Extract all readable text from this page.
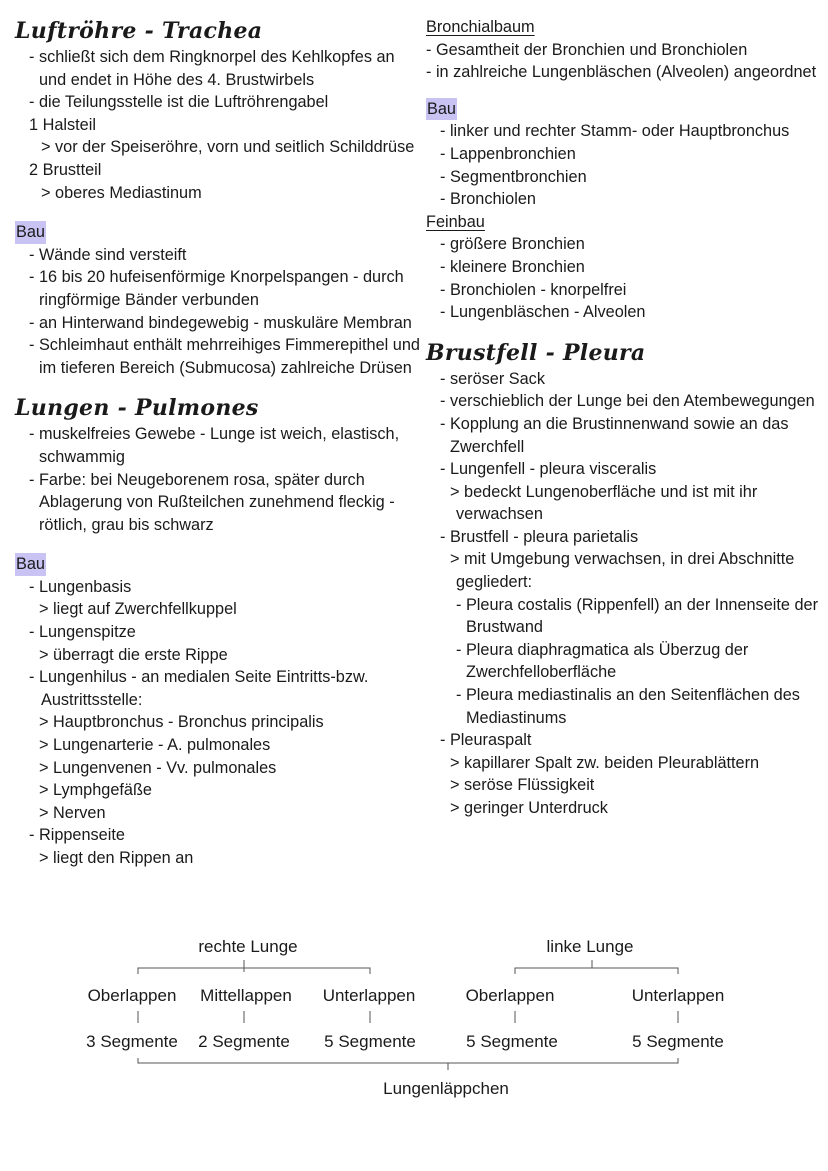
Luftröhre - Trachea
- schließt sich dem Ringknorpel des Kehlkopfes an
und endet in Höhe des 4. Brustwirbels
- die Teilungsstelle ist die Luftröhrengabel
1 Halsteil
> vor der Speiseröhre, vorn und seitlich Schilddrüse
2 Brustteil
> oberes Mediastinum
Bau
- Wände sind versteift
- 16 bis 20 hufeisenförmige Knorpelspangen - durch
ringförmige Bänder verbunden
- an Hinterwand bindegewebig - muskuläre Membran
- Schleimhaut enthält mehrreihiges Fimmerepithel und
im tieferen Bereich (Submucosa) zahlreiche Drüsen
Lungen - Pulmones
- muskelfreies Gewebe - Lunge ist weich, elastisch,
schwammig
- Farbe: bei Neugeborenem rosa, später durch
Ablagerung von Rußteilchen zunehmend fleckig -
rötlich, grau bis schwarz
Bau
- Lungenbasis
> liegt auf Zwerchfellkuppel
- Lungenspitze
> überragt die erste Rippe
- Lungenhilus - an medialen Seite Eintritts-bzw.
Austrittsstelle:
> Hauptbronchus - Bronchus principalis
> Lungenarterie - A. pulmonales
> Lungenvenen - Vv. pulmonales
> Lymphgefäße
> Nerven
- Rippenseite
> liegt den Rippen an
Bronchialbaum
- Gesamtheit der Bronchien und Bronchiolen
- in zahlreiche Lungenbläschen (Alveolen) angeordnet
Bau
- linker und rechter Stamm- oder Hauptbronchus
- Lappenbronchien
- Segmentbronchien
- Bronchiolen
Feinbau
- größere Bronchien
- kleinere Bronchien
- Bronchiolen - knorpelfrei
- Lungenbläschen - Alveolen
Brustfell - Pleura
- seröser Sack
- verschieblich der Lunge bei den Atembewegungen
- Kopplung an die Brustinnenwand sowie an das
Zwerchfell
- Lungenfell - pleura visceralis
> bedeckt Lungenoberfläche und ist mit ihr
verwachsen
- Brustfell - pleura parietalis
> mit Umgebung verwachsen, in drei Abschnitte
gegliedert:
- Pleura costalis (Rippenfell) an der Innenseite der
Brustwand
- Pleura diaphragmatica als Überzug der
Zwerchfelloberfläche
- Pleura mediastinalis an den Seitenflächen des
Mediastinums
- Pleuraspalt
> kapillarer Spalt zw. beiden Pleurablättern
> seröse Flüssigkeit
> geringer Unterdruck
rechte Lunge	linke Lunge
Oberlappen Mittellappen Unterlappen	Oberlappen	Unterlappen
3 Segmente 2 Segmente 5 Segmente	5 Segmente	5 Segmente
Lungenläppchen
